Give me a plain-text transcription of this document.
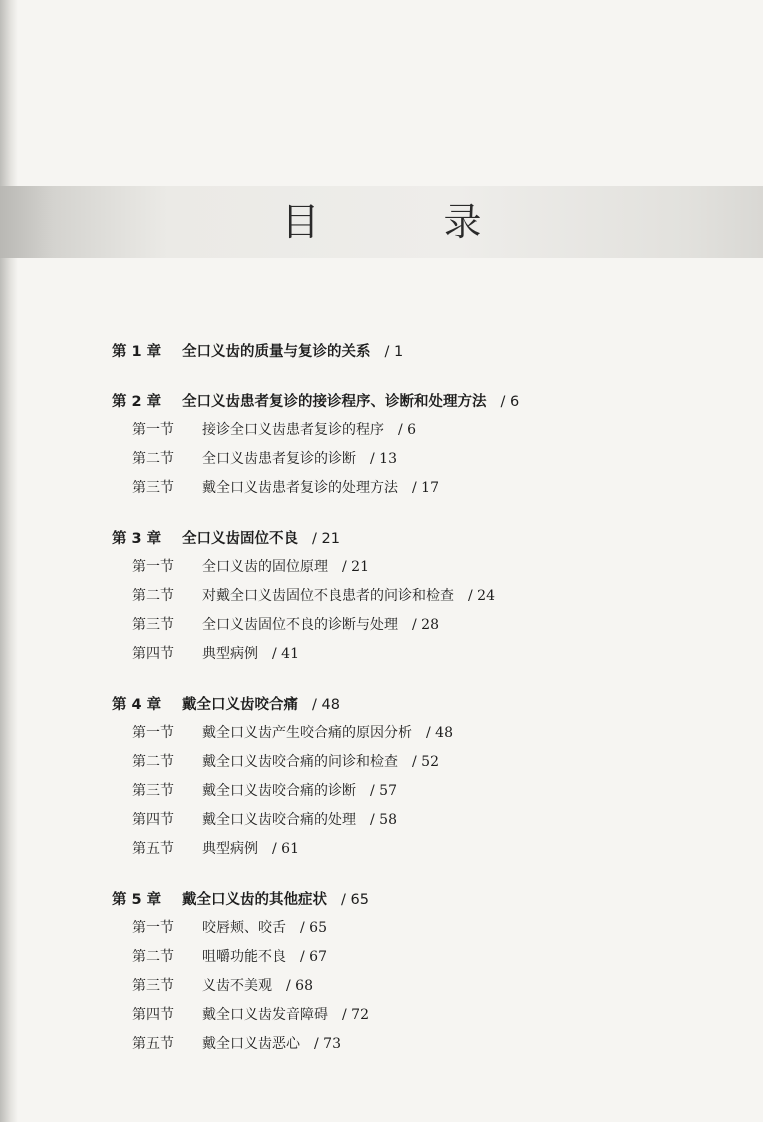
目 录
第 1 章 全口义齿的质量与复诊的关系 / 1
第 2 章 全口义齿患者复诊的接诊程序、诊断和处理方法 / 6
第一节 接诊全口义齿患者复诊的程序 / 6
第二节 全口义齿患者复诊的诊断 / 13
第三节 戴全口义齿患者复诊的处理方法 / 17
第 3 章 全口义齿固位不良 / 21
第一节 全口义齿的固位原理 / 21
第二节 对戴全口义齿固位不良患者的问诊和检查 / 24
第三节 全口义齿固位不良的诊断与处理 / 28
第四节 典型病例 / 41
第 4 章 戴全口义齿咬合痛 / 48
第一节 戴全口义齿产生咬合痛的原因分析 / 48
第二节 戴全口义齿咬合痛的问诊和检查 / 52
第三节 戴全口义齿咬合痛的诊断 / 57
第四节 戴全口义齿咬合痛的处理 / 58
第五节 典型病例 / 61
第 5 章 戴全口义齿的其他症状 / 65
第一节 咬唇颊、咬舌 / 65
第二节 咀嚼功能不良 / 67
第三节 义齿不美观 / 68
第四节 戴全口义齿发音障碍 / 72
第五节 戴全口义齿恶心 / 73
